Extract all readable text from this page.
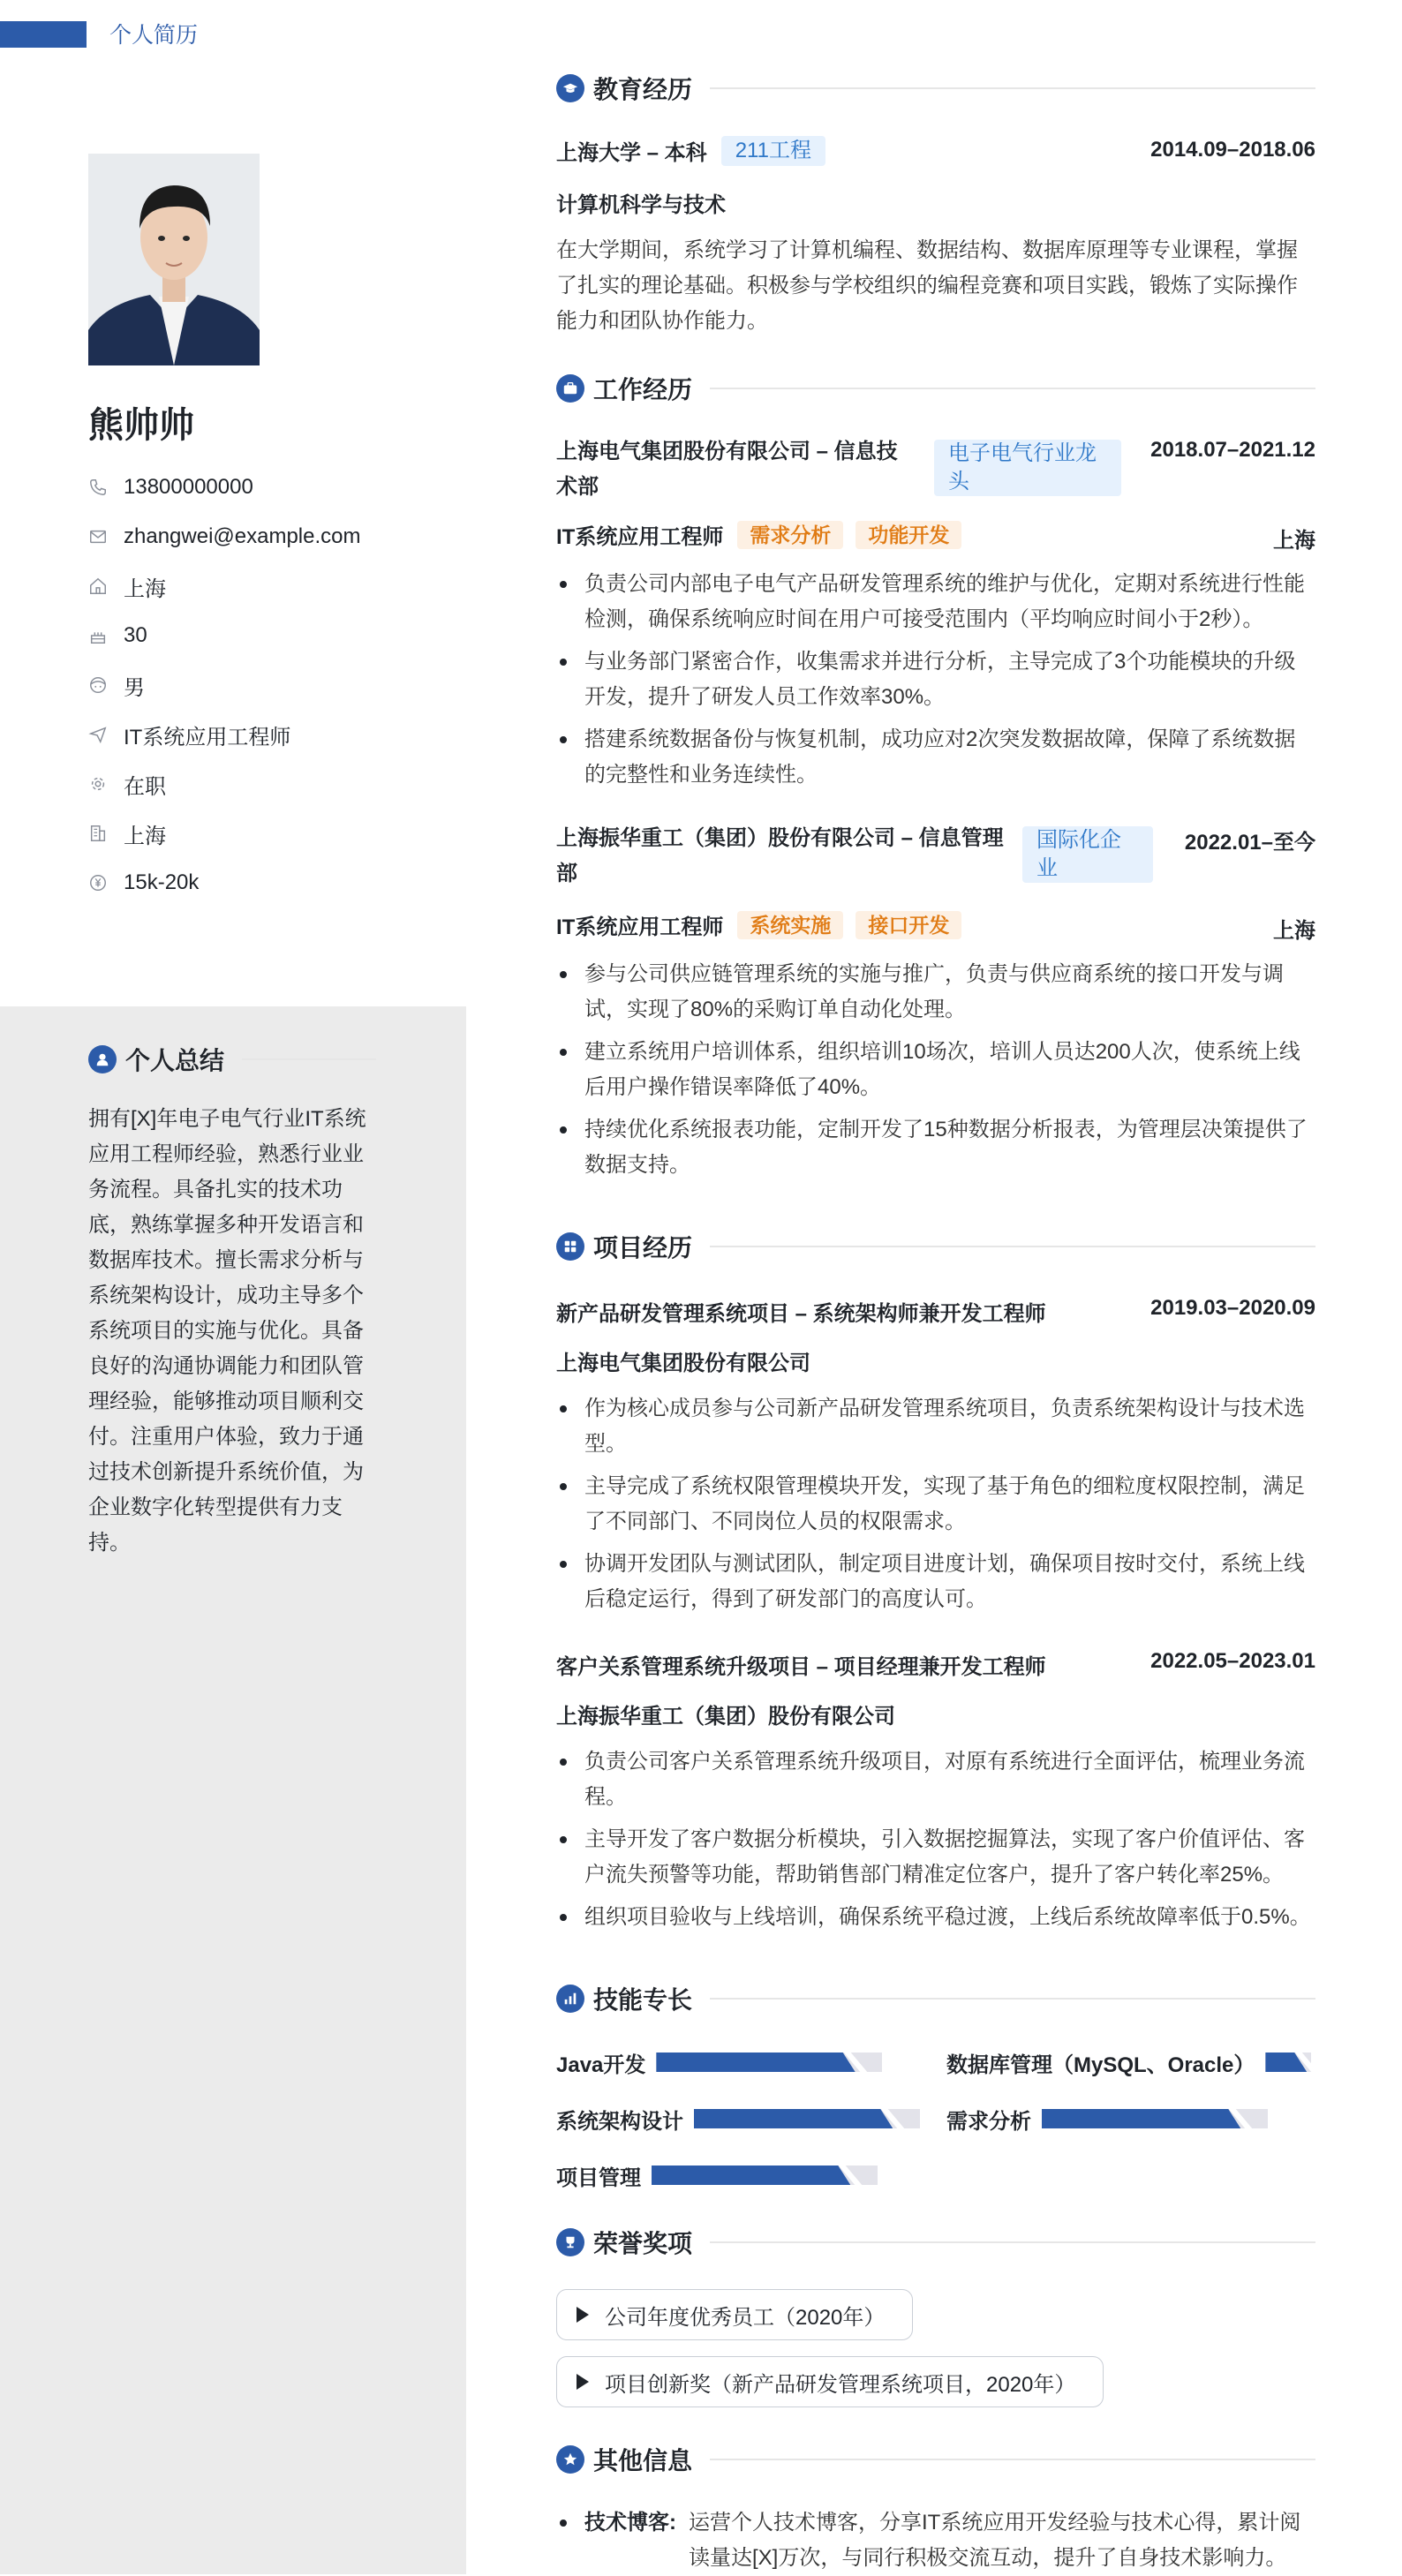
个人简历
熊帅帅
13800000000
zhangwei@example.com
上海
30
男
IT系统应用工程师
在职
上海
15k-20k
个人总结
拥有[X]年电子电气行业IT系统应用工程师经验，熟悉行业业务流程。具备扎实的技术功底，熟练掌握多种开发语言和数据库技术。擅长需求分析与系统架构设计，成功主导多个系统项目的实施与优化。具备良好的沟通协调能力和团队管理经验，能够推动项目顺利交付。注重用户体验，致力于通过技术创新提升系统价值，为企业数字化转型提供有力支持。
教育经历
上海大学 – 本科	211工程	2014.09–2018.06
计算机科学与技术
在大学期间，系统学习了计算机编程、数据结构、数据库原理等专业课程，掌握了扎实的理论基础。积极参与学校组织的编程竞赛和项目实践，锻炼了实际操作能力和团队协作能力。
工作经历
上海电气集团股份有限公司 – 信息技术部
电子电气行业龙头
2018.07–2021.12
IT系统应用工程师	需求分析	功能开发	上海
负责公司内部电子电气产品研发管理系统的维护与优化，定期对系统进行性能检测，确保系统响应时间在用户可接受范围内（平均响应时间小于2秒）。
与业务部门紧密合作，收集需求并进行分析，主导完成了3个功能模块的升级开发，提升了研发人员工作效率30%。
搭建系统数据备份与恢复机制，成功应对2次突发数据故障，保障了系统数据的完整性和业务连续性。
上海振华重工（集团）股份有限公司 – 信息管理部
国际化企业
2022.01–至今
IT系统应用工程师	系统实施	接口开发	上海
参与公司供应链管理系统的实施与推广，负责与供应商系统的接口开发与调试，实现了80%的采购订单自动化处理。
建立系统用户培训体系，组织培训10场次，培训人员达200人次，使系统上线后用户操作错误率降低了40%。
持续优化系统报表功能，定制开发了15种数据分析报表，为管理层决策提供了数据支持。
项目经历
新产品研发管理系统项目 – 系统架构师兼开发工程师	2019.03–2020.09
上海电气集团股份有限公司
作为核心成员参与公司新产品研发管理系统项目，负责系统架构设计与技术选型。
主导完成了系统权限管理模块开发，实现了基于角色的细粒度权限控制，满足了不同部门、不同岗位人员的权限需求。
协调开发团队与测试团队，制定项目进度计划，确保项目按时交付，系统上线后稳定运行，得到了研发部门的高度认可。
客户关系管理系统升级项目 – 项目经理兼开发工程师	2022.05–2023.01
上海振华重工（集团）股份有限公司
负责公司客户关系管理系统升级项目，对原有系统进行全面评估，梳理业务流程。
主导开发了客户数据分析模块，引入数据挖掘算法，实现了客户价值评估、客户流失预警等功能，帮助销售部门精准定位客户，提升了客户转化率25%。
组织项目验收与上线培训，确保系统平稳过渡，上线后系统故障率低于0.5%。
技能专长
Java开发	数据库管理（MySQL、Oracle）
系统架构设计	需求分析
项目管理
荣誉奖项
公司年度优秀员工（2020年）
项目创新奖（新产品研发管理系统项目，2020年）
其他信息
技术博客: 运营个人技术博客，分享IT系统应用开发经验与技术心得，累计阅读量达[X]万次，与同行积极交流互动，提升了自身技术影响力。
